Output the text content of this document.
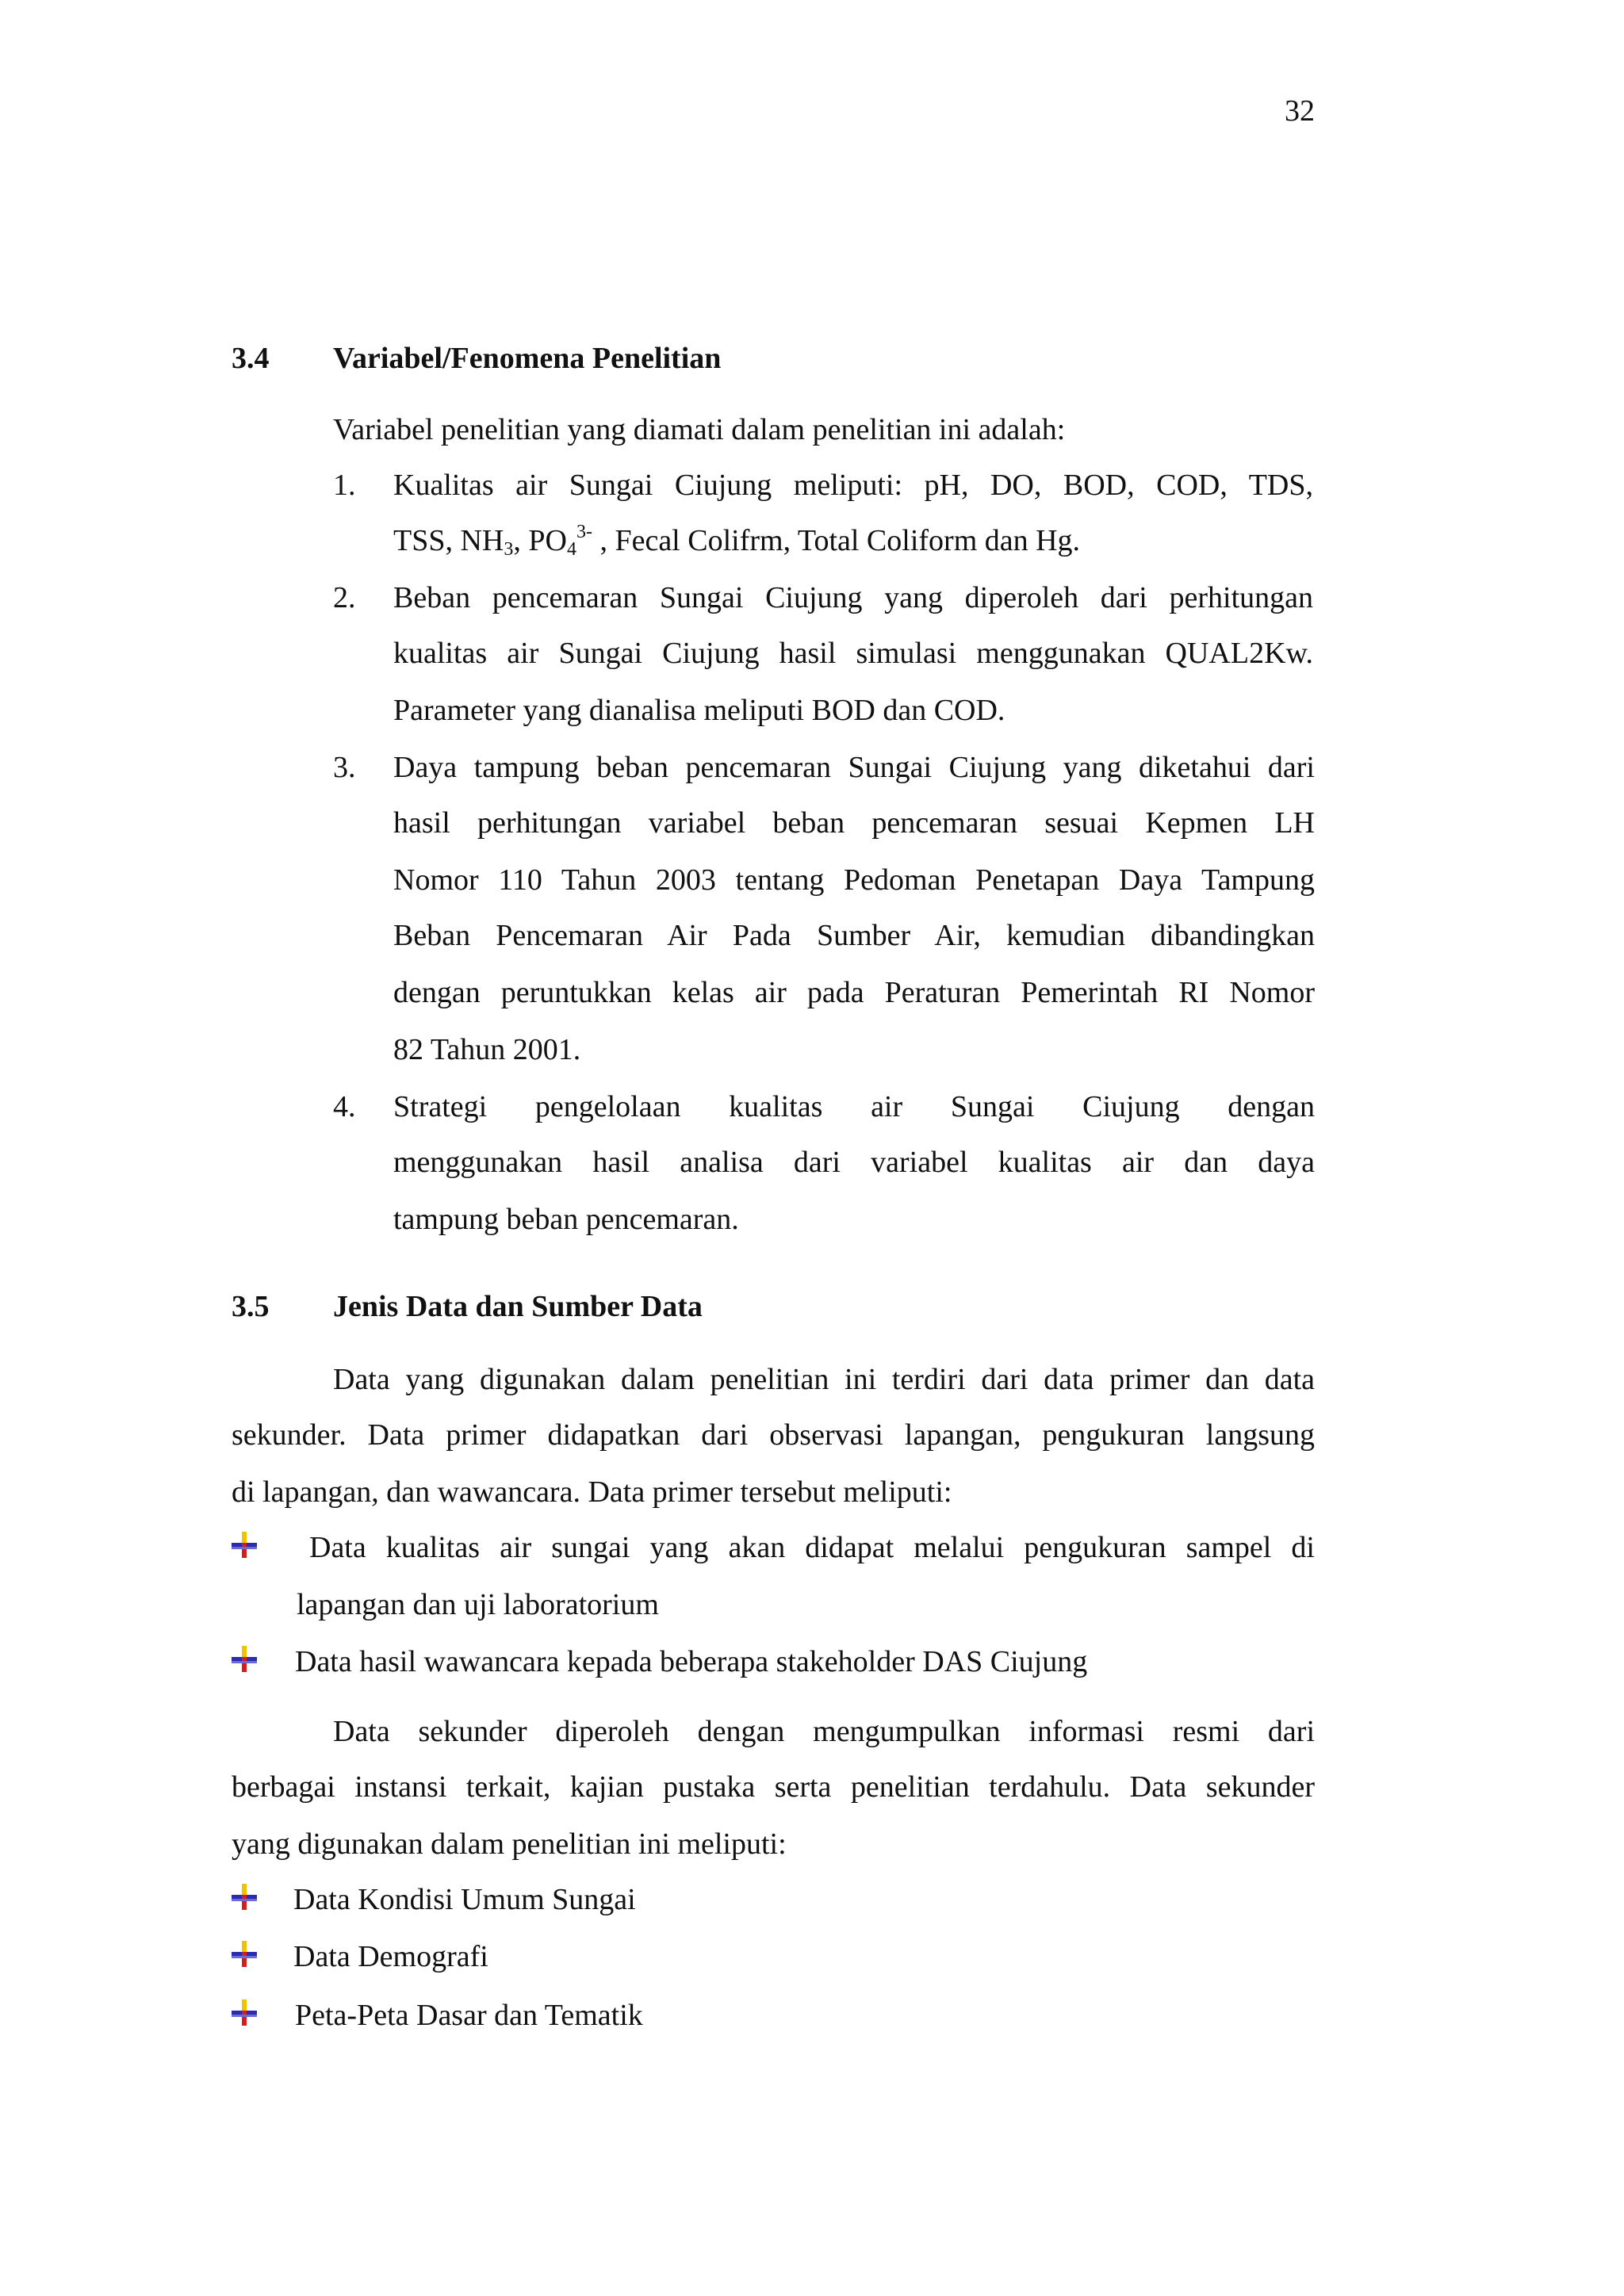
32
3.4 Variabel/Fenomena Penelitian
Variabel penelitian yang diamati dalam penelitian ini adalah:
1. Kualitas air Sungai Ciujung meliputi: pH, DO, BOD, COD, TDS,
TSS, $NH_3$, $PO_4^{3-}$ , Fecal Colifrm, Total Coliform dan Hg.
2. Beban pencemaran Sungai Ciujung yang diperoleh dari perhitungan
kualitas air Sungai Ciujung hasil simulasi menggunakan QUAL2Kw.
Parameter yang dianalisa meliputi BOD dan COD.
3. Daya tampung beban pencemaran Sungai Ciujung yang diketahui dari
hasil perhitungan variabel beban pencemaran sesuai Kepmen LH
Nomor 110 Tahun 2003 tentang Pedoman Penetapan Daya Tampung
Beban Pencemaran Air Pada Sumber Air, kemudian dibandingkan
dengan peruntukkan kelas air pada Peraturan Pemerintah RI Nomor
82 Tahun 2001.
4. Strategi pengelolaan kualitas air Sungai Ciujung dengan
menggunakan hasil analisa dari variabel kualitas air dan daya
tampung beban pencemaran.
3.5 Jenis Data dan Sumber Data
Data yang digunakan dalam penelitian ini terdiri dari data primer dan data
sekunder. Data primer didapatkan dari observasi lapangan, pengukuran langsung
di lapangan, dan wawancara. Data primer tersebut meliputi:
Data kualitas air sungai yang akan didapat melalui pengukuran sampel di
lapangan dan uji laboratorium
Data hasil wawancara kepada beberapa stakeholder DAS Ciujung
Data sekunder diperoleh dengan mengumpulkan informasi resmi dari
berbagai instansi terkait, kajian pustaka serta penelitian terdahulu. Data sekunder
yang digunakan dalam penelitian ini meliputi:
Data Kondisi Umum Sungai
Data Demografi
Peta-Peta Dasar dan Tematik
